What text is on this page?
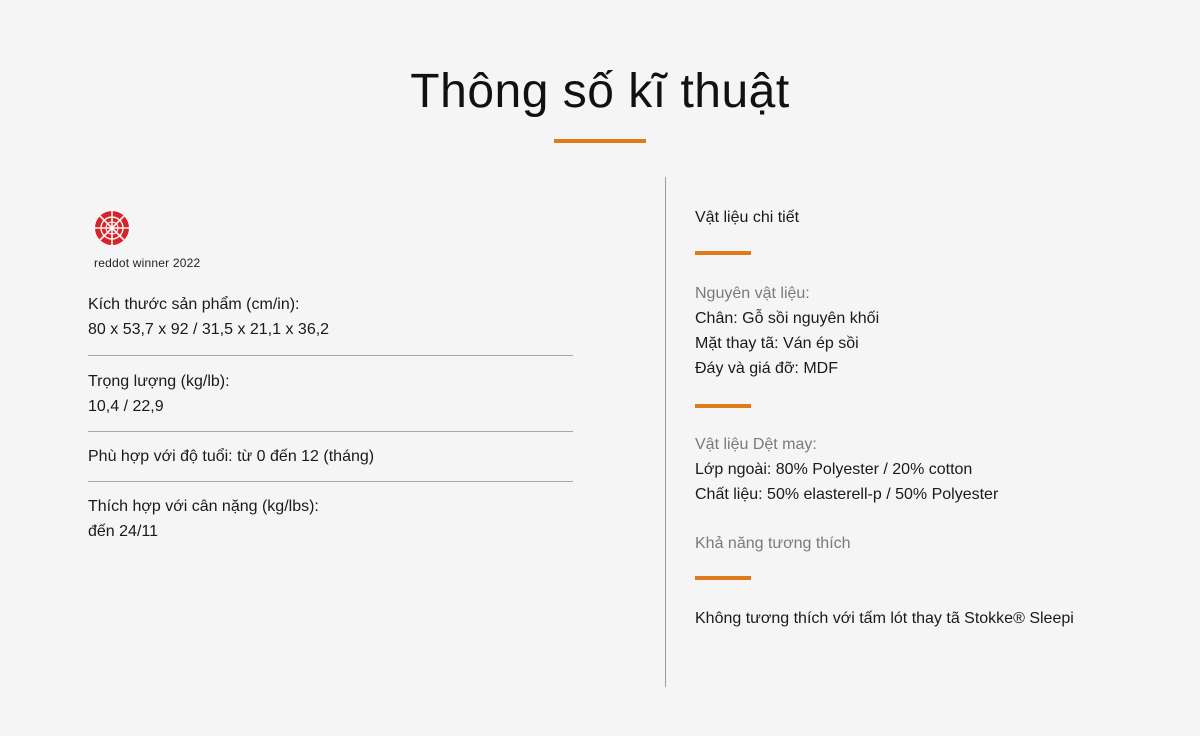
Thông số kĩ thuật
reddot winner 2022
Kích thước sản phẩm (cm/in):
80 x 53,7 x 92 / 31,5 x 21,1 x 36,2
Trọng lượng (kg/lb):
10,4 / 22,9
Phù hợp với độ tuổi: từ 0 đến 12 (tháng)
Thích hợp với cân nặng (kg/lbs):
đến 24/11
Vật liệu chi tiết
Nguyên vật liệu:
Chân: Gỗ sồi nguyên khối
Mặt thay tã: Ván ép sồi
Đáy và giá đỡ: MDF
Vật liệu Dệt may:
Lớp ngoài: 80% Polyester / 20% cotton
Chất liệu: 50% elasterell-p / 50% Polyester
Khả năng tương thích
Không tương thích với tấm lót thay tã Stokke® Sleepi
